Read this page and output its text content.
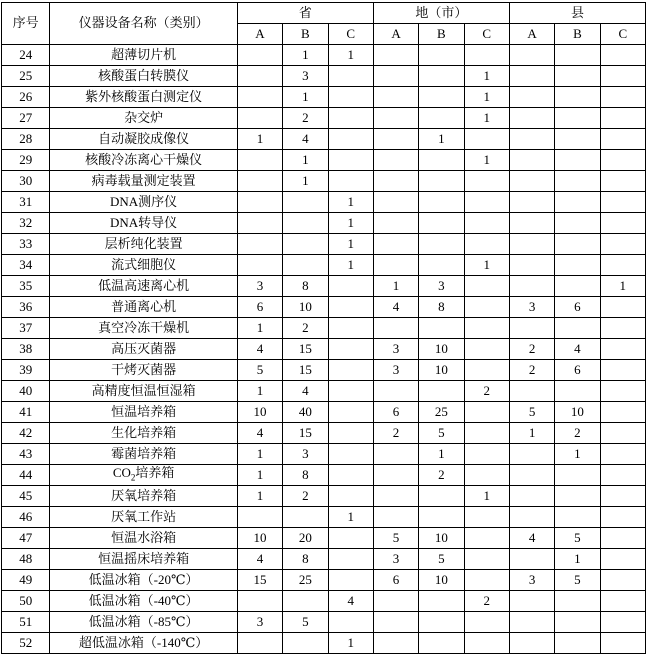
序号	仪器设备名称（类别）	省			地（市）			县		
		A	B	C	A	B	C	A	B	C
24	超薄切片机		1	1						
25	核酸蛋白转膜仪		3				1			
26	紫外核酸蛋白测定仪		1				1			
27	杂交炉		2				1			
28	自动凝胶成像仪	1	4			1				
29	核酸冷冻离心干燥仪		1				1			
30	病毒载量测定装置		1							
31	DNA测序仪			1						
32	DNA转导仪			1						
33	层析纯化装置			1						
34	流式细胞仪			1			1			
35	低温高速离心机	3	8		1	3				1
36	普通离心机	6	10		4	8		3	6	
37	真空冷冻干燥机	1	2							
38	高压灭菌器	4	15		3	10		2	4	
39	干烤灭菌器	5	15		3	10		2	6	
40	高精度恒温恒湿箱	1	4				2			
41	恒温培养箱	10	40		6	25		5	10	
42	生化培养箱	4	15		2	5		1	2	
43	霉菌培养箱	1	3			1			1	
44	$CO_2$培养箱	1	8			2				
45	厌氧培养箱	1	2				1			
46	厌氧工作站			1						
47	恒温水浴箱	10	20		5	10		4	5	
48	恒温摇床培养箱	4	8		3	5			1	
49	低温冰箱（-20℃）	15	25		6	10		3	5	
50	低温冰箱（-40℃）			4			2			
51	低温冰箱（-85℃）	3	5							
52	超低温冰箱（-140℃）			1						
